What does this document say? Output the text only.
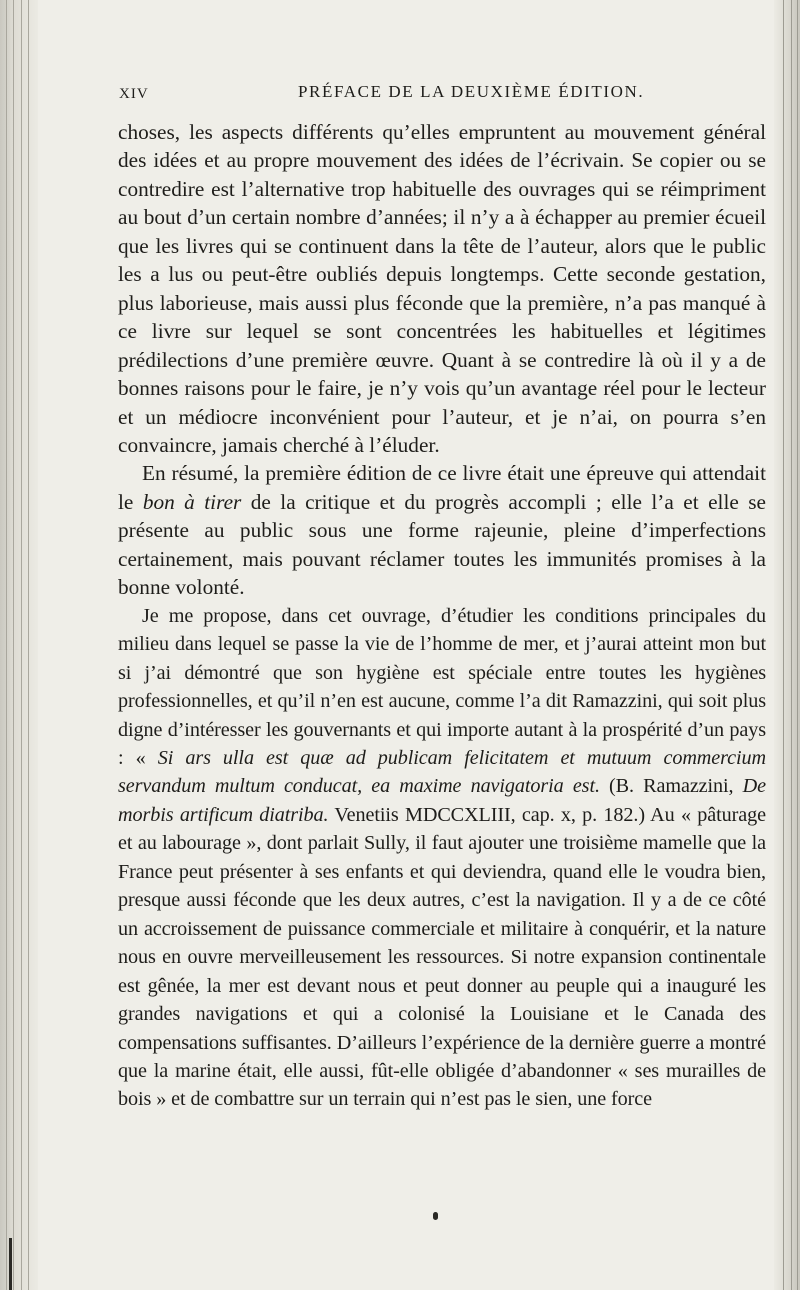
XIV	PRÉFACE DE LA DEUXIÈME ÉDITION.

choses, les aspects différents qu’elles empruntent au mouvement général des idées et au propre mouvement des idées de l’écrivain. Se copier ou se contredire est l’alternative trop habituelle des ouvrages qui se réimpriment au bout d’un certain nombre d’années; il n’y a à échapper au premier écueil que les livres qui se continuent dans la tête de l’auteur, alors que le public les a lus ou peut-être oubliés depuis longtemps. Cette seconde gestation, plus laborieuse, mais aussi plus féconde que la première, n’a pas manqué à ce livre sur lequel se sont concentrées les habituelles et légitimes prédilections d’une première œuvre. Quant à se contredire là où il y a de bonnes raisons pour le faire, je n’y vois qu’un avantage réel pour le lecteur et un médiocre inconvénient pour l’auteur, et je n’ai, on pourra s’en convaincre, jamais cherché à l’éluder.

En résumé, la première édition de ce livre était une épreuve qui attendait le bon à tirer de la critique et du progrès accompli ; elle l’a et elle se présente au public sous une forme rajeunie, pleine d’imperfections certainement, mais pouvant réclamer toutes les immunités promises à la bonne volonté.

Je me propose, dans cet ouvrage, d’étudier les conditions principales du milieu dans lequel se passe la vie de l’homme de mer, et j’aurai atteint mon but si j’ai démontré que son hygiène est spéciale entre toutes les hygiènes professionnelles, et qu’il n’en est aucune, comme l’a dit Ramazzini, qui soit plus digne d’intéresser les gouvernants et qui importe autant à la prospérité d’un pays : « Si ars ulla est quæ ad publicam felicitatem et mutuum commercium servandum multum conducat, ea maxime navigatoria est. (B. Ramazzini, De morbis artificum diatriba. Venetiis MDCCXLIII, cap. x, p. 182.) Au « pâturage et au labourage », dont parlait Sully, il faut ajouter une troisième mamelle que la France peut présenter à ses enfants et qui deviendra, quand elle le voudra bien, presque aussi féconde que les deux autres, c’est la navigation. Il y a de ce côté un accroissement de puissance commerciale et militaire à conquérir, et la nature nous en ouvre merveilleusement les ressources. Si notre expansion continentale est gênée, la mer est devant nous et peut donner au peuple qui a inauguré les grandes navigations et qui a colonisé la Louisiane et le Canada des compensations suffisantes. D’ailleurs l’expérience de la dernière guerre a montré que la marine était, elle aussi, fût-elle obligée d’abandonner « ses murailles de bois » et de combattre sur un terrain qui n’est pas le sien, une force
